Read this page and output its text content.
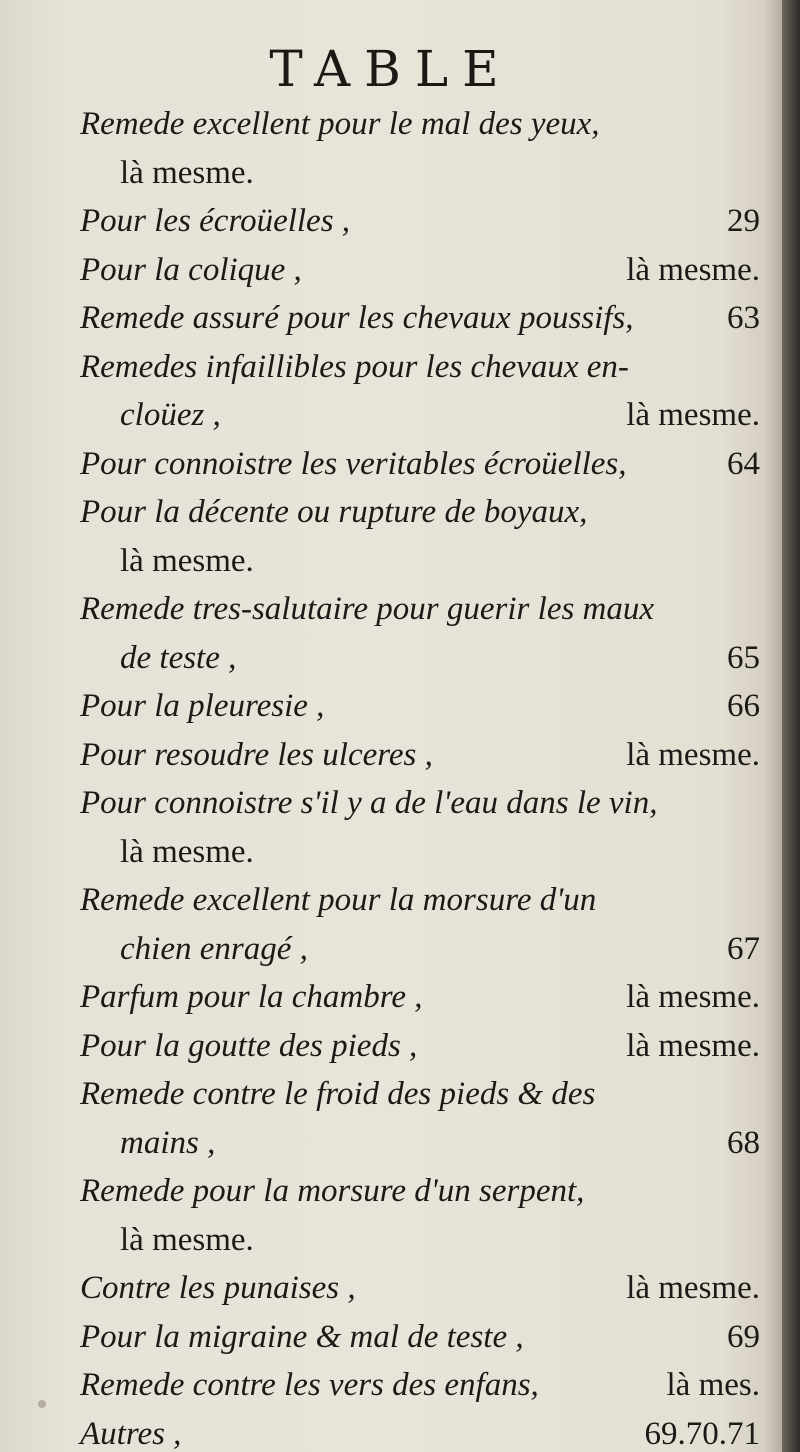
TABLE
Remede excellent pour le mal des yeux,
là mesme.
Pour les écroüelles ,	29
Pour la colique ,	là mesme.
Remede assuré pour les chevaux poussifs,	63
Remedes infaillibles pour les chevaux en-
cloüez ,	là mesme.
Pour connoistre les veritables écroüelles,	64
Pour la décente ou rupture de boyaux,
là mesme.
Remede tres-salutaire pour guerir les maux
de teste ,	65
Pour la pleuresie ,	66
Pour resoudre les ulceres ,	là mesme.
Pour connoistre s'il y a de l'eau dans le vin,
là mesme.
Remede excellent pour la morsure d'un
chien enragé ,	67
Parfum pour la chambre ,	là mesme.
Pour la goutte des pieds ,	là mesme.
Remede contre le froid des pieds & des
mains ,	68
Remede pour la morsure d'un serpent,
là mesme.
Contre les punaises ,	là mesme.
Pour la migraine & mal de teste ,	69
Remede contre les vers des enfans,	là mes.
Autres ,	69.70.71
